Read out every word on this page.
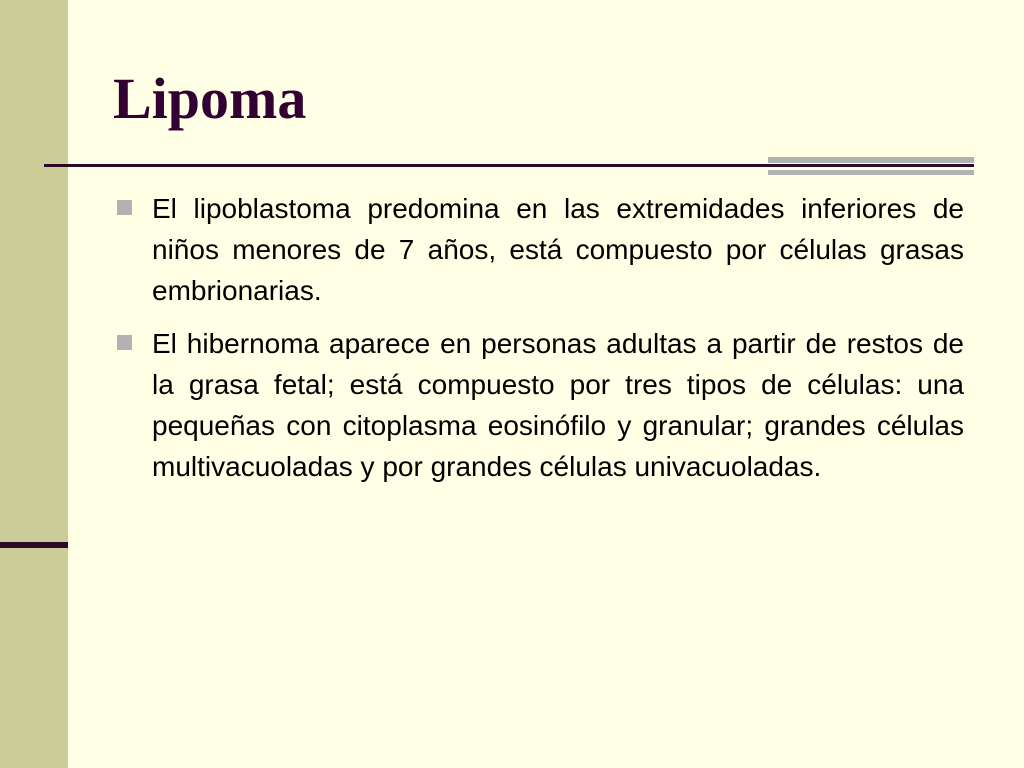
Lipoma
El lipoblastoma predomina en las extremidades inferiores de niños menores de 7 años, está compuesto por células grasas embrionarias.
El hibernoma aparece en personas adultas a partir de restos de la grasa fetal; está compuesto por tres tipos de células: una pequeñas con citoplasma eosinófilo y granular; grandes células multivacuoladas y por grandes células univacuoladas.
